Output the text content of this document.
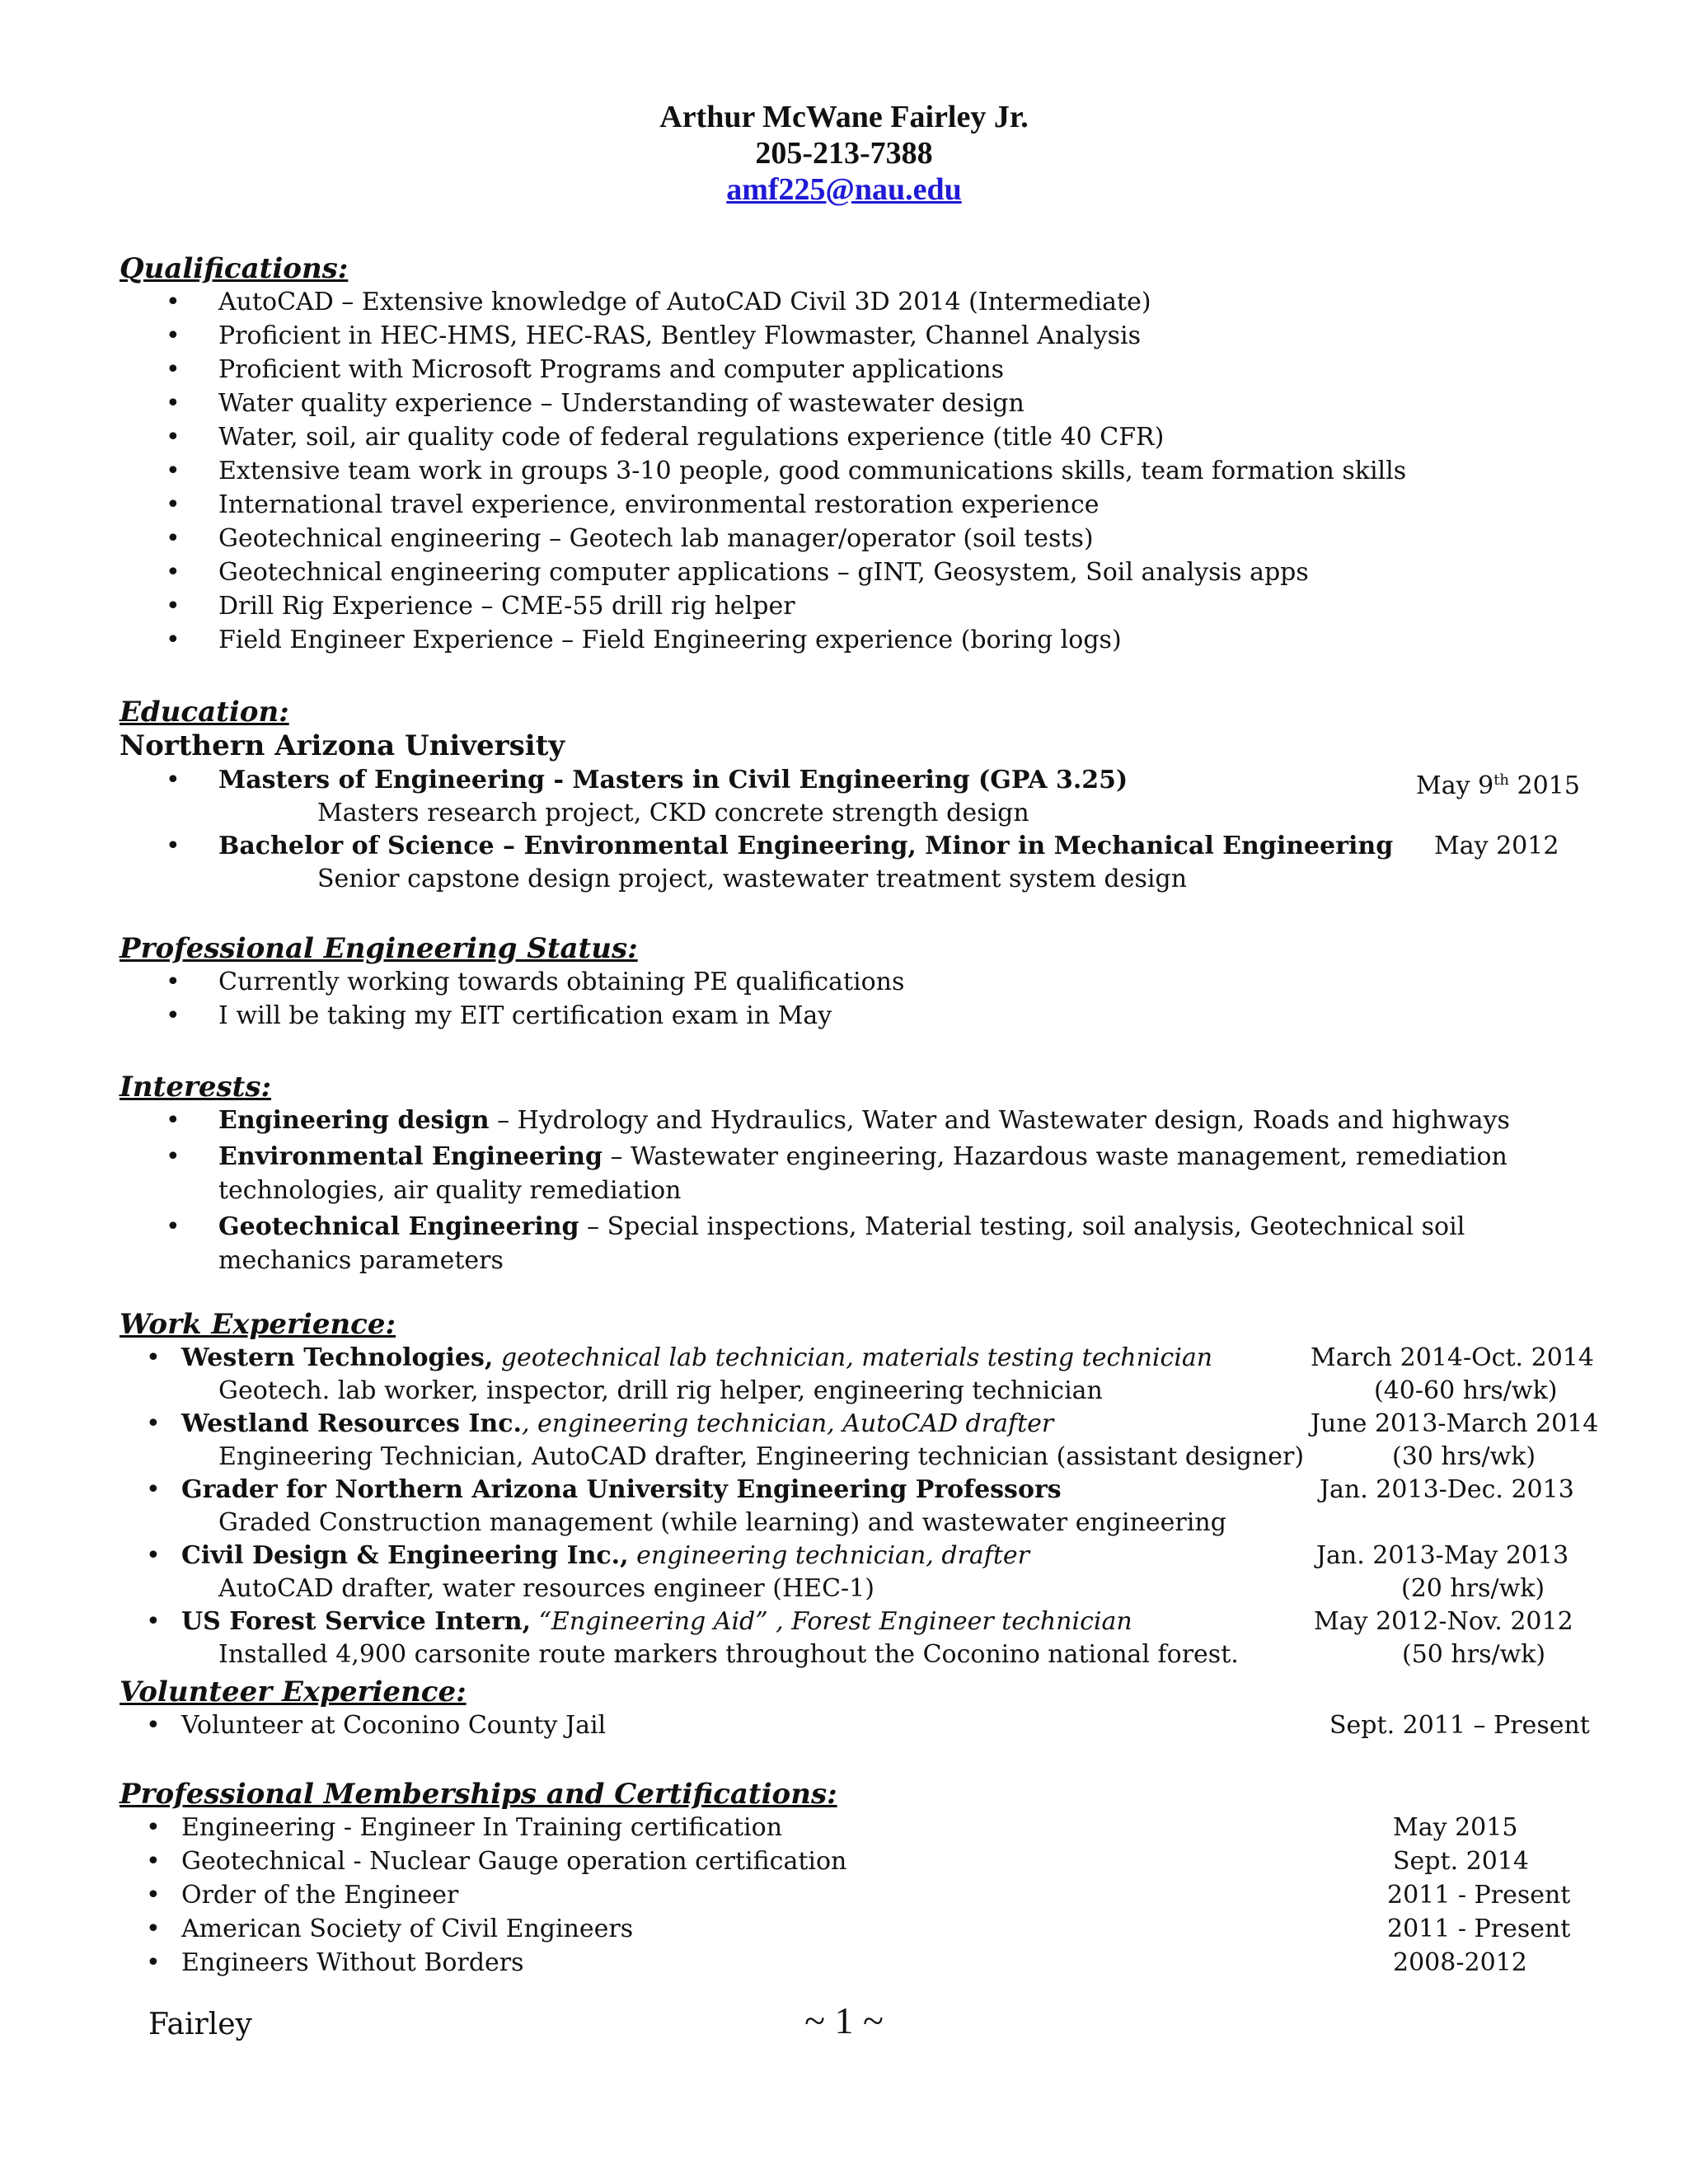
Arthur McWane Fairley Jr.
205-213-7388
amf225@nau.edu
Qualifications:
• AutoCAD – Extensive knowledge of AutoCAD Civil 3D 2014 (Intermediate)
• Proficient in HEC-HMS, HEC-RAS, Bentley Flowmaster, Channel Analysis
• Proficient with Microsoft Programs and computer applications
• Water quality experience – Understanding of wastewater design
• Water, soil, air quality code of federal regulations experience (title 40 CFR)
• Extensive team work in groups 3-10 people, good communications skills, team formation skills
• International travel experience, environmental restoration experience
• Geotechnical engineering – Geotech lab manager/operator (soil tests)
• Geotechnical engineering computer applications – gINT, Geosystem, Soil analysis apps
• Drill Rig Experience – CME-55 drill rig helper
• Field Engineer Experience – Field Engineering experience (boring logs)
Education:
Northern Arizona University
• Masters of Engineering - Masters in Civil Engineering (GPA 3.25)	May 9th 2015
Masters research project, CKD concrete strength design
• Bachelor of Science – Environmental Engineering, Minor in Mechanical Engineering May 2012
Senior capstone design project, wastewater treatment system design
Professional Engineering Status:
• Currently working towards obtaining PE qualifications
• I will be taking my EIT certification exam in May
Interests:
• Engineering design – Hydrology and Hydraulics, Water and Wastewater design, Roads and highways
• Environmental Engineering – Wastewater engineering, Hazardous waste management, remediation technologies, air quality remediation
• Geotechnical Engineering – Special inspections, Material testing, soil analysis, Geotechnical soil mechanics parameters
Work Experience:
• Western Technologies, geotechnical lab technician, materials testing technician	March 2014-Oct. 2014
Geotech. lab worker, inspector, drill rig helper, engineering technician	(40-60 hrs/wk)
• Westland Resources Inc., engineering technician, AutoCAD drafter	June 2013-March 2014
Engineering Technician, AutoCAD drafter, Engineering technician (assistant designer)	(30 hrs/wk)
• Grader for Northern Arizona University Engineering Professors	Jan. 2013-Dec. 2013
Graded Construction management (while learning) and wastewater engineering
• Civil Design & Engineering Inc., engineering technician, drafter	Jan. 2013-May 2013
AutoCAD drafter, water resources engineer (HEC-1)	(20 hrs/wk)
• US Forest Service Intern, “Engineering Aid” , Forest Engineer technician	May 2012-Nov. 2012
Installed 4,900 carsonite route markers throughout the Coconino national forest.	(50 hrs/wk)
Volunteer Experience:
• Volunteer at Coconino County Jail	Sept. 2011 – Present
Professional Memberships and Certifications:
• Engineering - Engineer In Training certification	May 2015
• Geotechnical - Nuclear Gauge operation certification	Sept. 2014
• Order of the Engineer	2011 - Present
• American Society of Civil Engineers	2011 - Present
• Engineers Without Borders	2008-2012
Fairley	~ 1 ~
